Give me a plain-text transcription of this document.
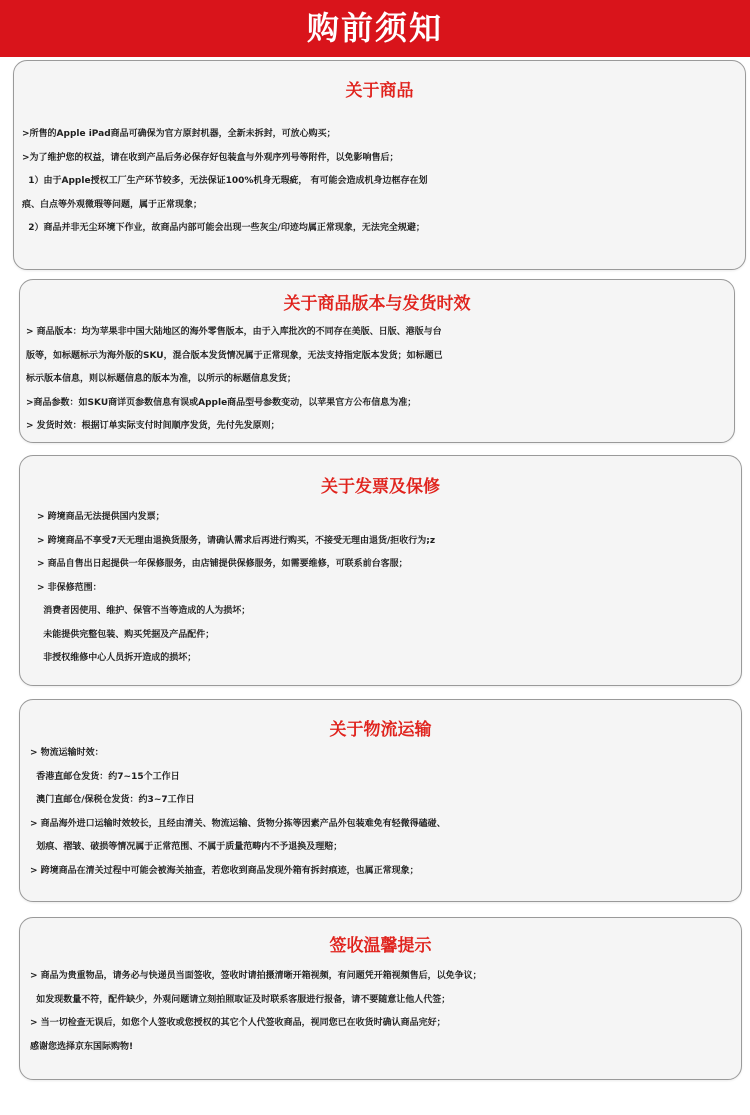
购前须知
关于商品
>所售的Apple iPad商品可确保为官方原封机器，全新未拆封，可放心购买；
>为了维护您的权益，请在收到产品后务必保存好包装盒与外观序列号等附件，以免影响售后；
1）由于Apple授权工厂生产环节较多，无法保证100%机身无瑕疵， 有可能会造成机身边框存在划
痕、白点等外观微瑕等问题，属于正常现象；
2）商品并非无尘环境下作业，故商品内部可能会出现一些灰尘/印迹均属正常现象，无法完全规避；
关于商品版本与发货时效
> 商品版本：均为苹果非中国大陆地区的海外零售版本，由于入库批次的不同存在美版、日版、港版与台
版等，如标题标示为海外版的SKU，混合版本发货情况属于正常现象，无法支持指定版本发货；如标题已
标示版本信息，则以标题信息的版本为准，以所示的标题信息发货；
>商品参数：如SKU商详页参数信息有误或Apple商品型号参数变动，以苹果官方公布信息为准；
> 发货时效：根据订单实际支付时间顺序发货，先付先发原则；
关于发票及保修
> 跨境商品无法提供国内发票；
> 跨境商品不享受7天无理由退换货服务，请确认需求后再进行购买，不接受无理由退货/拒收行为;z
> 商品自售出日起提供一年保修服务，由店铺提供保修服务，如需要维修，可联系前台客服；
> 非保修范围：
消费者因使用、维护、保管不当等造成的人为损坏；
未能提供完整包装、购买凭据及产品配件；
非授权维修中心人员拆开造成的损坏；
关于物流运输
> 物流运输时效：
香港直邮仓发货：约7~15个工作日
澳门直邮仓/保税仓发货：约3~7工作日
> 商品海外进口运输时效较长，且经由清关、物流运输、货物分拣等因素产品外包装难免有轻微得磕碰、
划痕、褶皱、破损等情况属于正常范围、不属于质量范畴内不予退换及理赔；
> 跨境商品在清关过程中可能会被海关抽查，若您收到商品发现外箱有拆封痕迹，也属正常现象；
签收温馨提示
> 商品为贵重物品，请务必与快递员当面签收，签收时请拍摄清晰开箱视频，有问题凭开箱视频售后，以免争议；
如发现数量不符，配件缺少，外观问题请立刻拍照取证及时联系客服进行报备，请不要随意让他人代签；
> 当一切检查无误后，如您个人签收或您授权的其它个人代签收商品，视同您已在收货时确认商品完好；
感谢您选择京东国际购物!
